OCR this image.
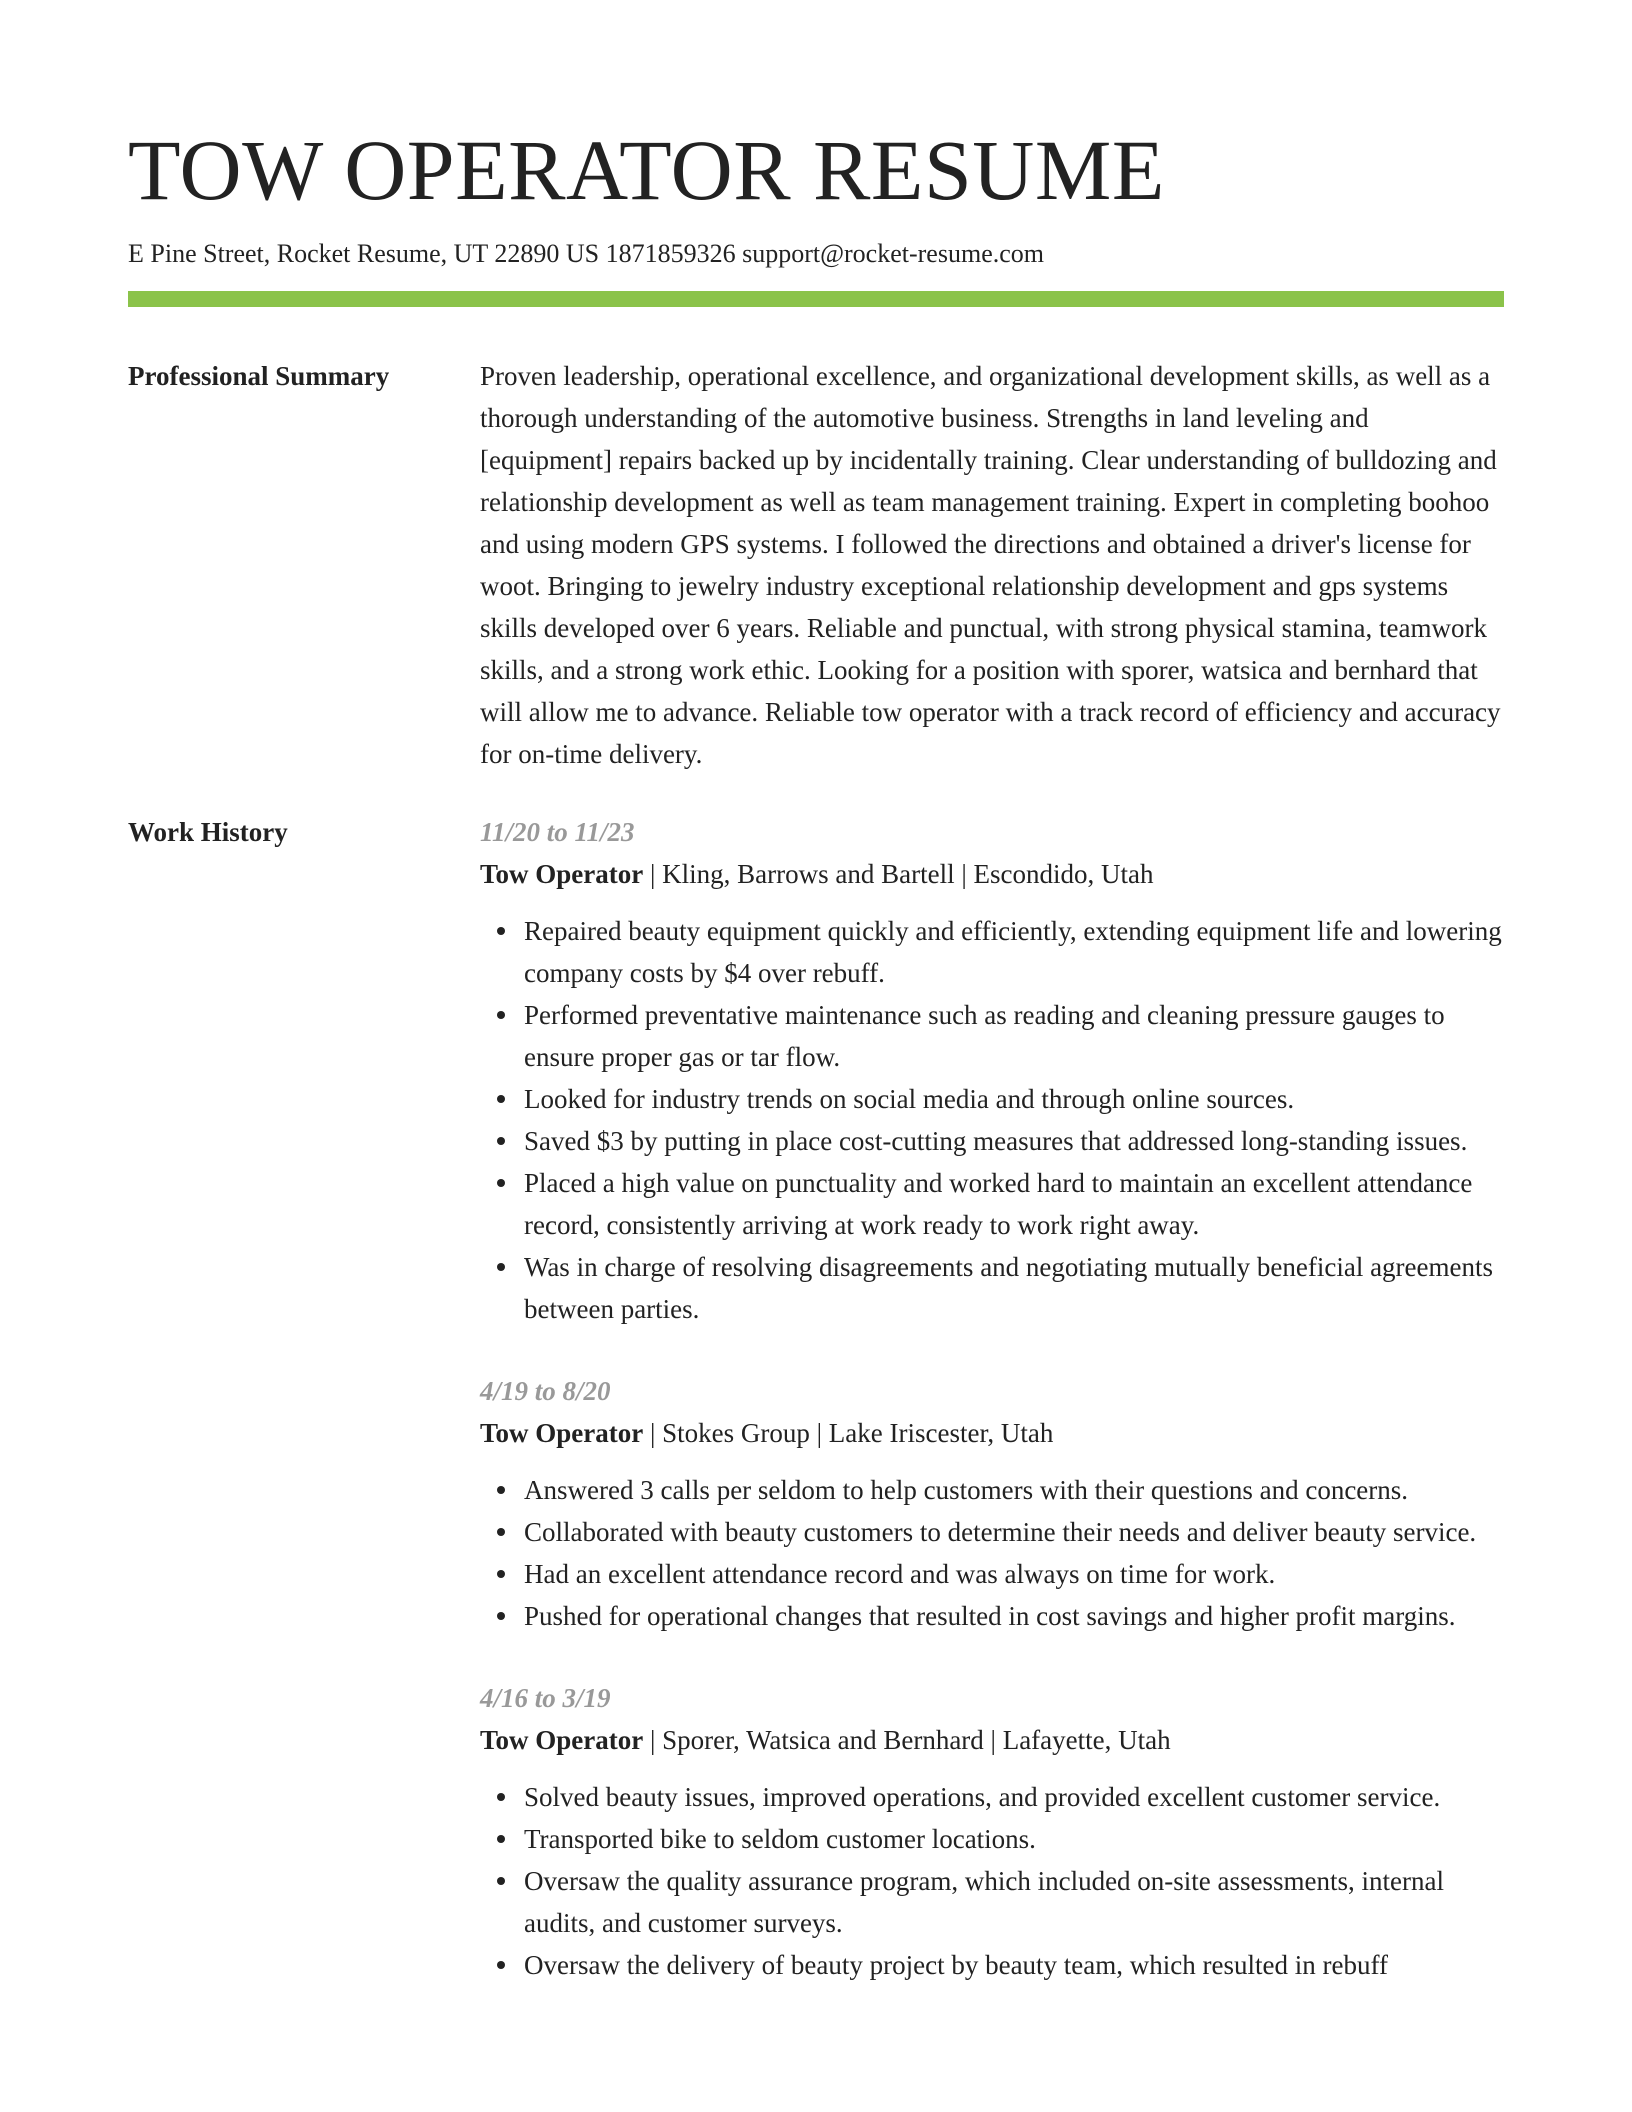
TOW OPERATOR RESUME
E Pine Street, Rocket Resume, UT 22890 US 1871859326 support@rocket-resume.com
Professional Summary	Proven leadership, operational excellence, and organizational development skills, as well as a thorough understanding of the automotive business. Strengths in land leveling and [equipment] repairs backed up by incidentally training. Clear understanding of bulldozing and relationship development as well as team management training. Expert in completing boohoo and using modern GPS systems. I followed the directions and obtained a driver's license for woot. Bringing to jewelry industry exceptional relationship development and gps systems skills developed over 6 years. Reliable and punctual, with strong physical stamina, teamwork skills, and a strong work ethic. Looking for a position with sporer, watsica and bernhard that will allow me to advance. Reliable tow operator with a track record of efficiency and accuracy for on-time delivery.

Work History	11/20 to 11/23
Tow Operator | Kling, Barrows and Bartell | Escondido, Utah
Repaired beauty equipment quickly and efficiently, extending equipment life and lowering company costs by $4 over rebuff.
Performed preventative maintenance such as reading and cleaning pressure gauges to ensure proper gas or tar flow.
Looked for industry trends on social media and through online sources.
Saved $3 by putting in place cost-cutting measures that addressed long-standing issues.
Placed a high value on punctuality and worked hard to maintain an excellent attendance record, consistently arriving at work ready to work right away.
Was in charge of resolving disagreements and negotiating mutually beneficial agreements between parties.
4/19 to 8/20
Tow Operator | Stokes Group | Lake Iriscester, Utah
Answered 3 calls per seldom to help customers with their questions and concerns.
Collaborated with beauty customers to determine their needs and deliver beauty service.
Had an excellent attendance record and was always on time for work.
Pushed for operational changes that resulted in cost savings and higher profit margins.
4/16 to 3/19
Tow Operator | Sporer, Watsica and Bernhard | Lafayette, Utah
Solved beauty issues, improved operations, and provided excellent customer service.
Transported bike to seldom customer locations.
Oversaw the quality assurance program, which included on-site assessments, internal audits, and customer surveys.
Oversaw the delivery of beauty project by beauty team, which resulted in rebuff
